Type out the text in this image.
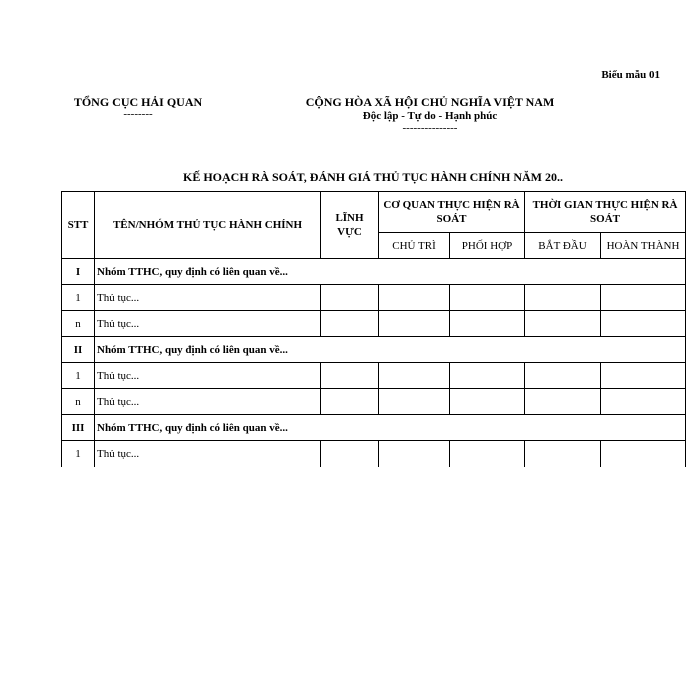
Biểu mẫu 01
TỔNG CỤC HẢI QUAN
--------
CỘNG HÒA XÃ HỘI CHỦ NGHĨA VIỆT NAM
Độc lập - Tự do - Hạnh phúc
---------------
KẾ HOẠCH RÀ SOÁT, ĐÁNH GIÁ THỦ TỤC HÀNH CHÍNH NĂM 20..
STT	TÊN/NHÓM THỦ TỤC HÀNH CHÍNH	LĨNH VỰC	CƠ QUAN THỰC HIỆN RÀ SOÁT		THỜI GIAN THỰC HIỆN RÀ SOÁT	
			CHỦ TRÌ	PHỐI HỢP	BẮT ĐẦU	HOÀN THÀNH
I	Nhóm TTHC, quy định có liên quan về...					
1	Thủ tục...					
n	Thủ tục...					
II	Nhóm TTHC, quy định có liên quan về...					
1	Thủ tục...					
n	Thủ tục...					
III	Nhóm TTHC, quy định có liên quan về...					
1	Thủ tục...					
